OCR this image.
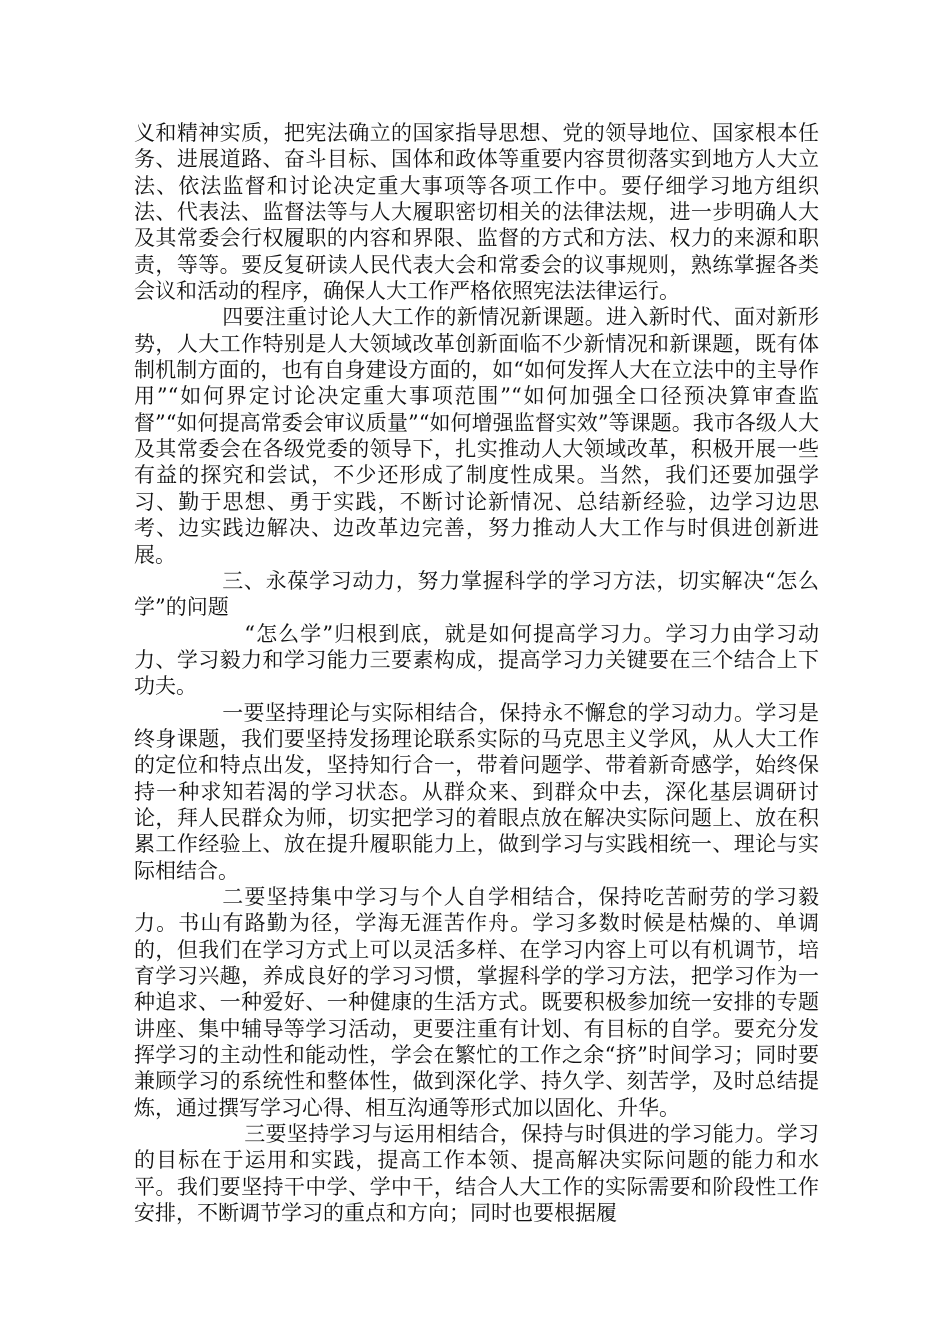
义和精神实质，把宪法确立的国家指导思想、党的领导地位、国家根本任务、进展道路、奋斗目标、国体和政体等重要内容贯彻落实到地方人大立法、依法监督和讨论决定重大事项等各项工作中。要仔细学习地方组织法、代表法、监督法等与人大履职密切相关的法律法规，进一步明确人大及其常委会行权履职的内容和界限、监督的方式和方法、权力的来源和职责，等等。要反复研读人民代表大会和常委会的议事规则，熟练掌握各类会议和活动的程序，确保人大工作严格依照宪法法律运行。

四要注重讨论人大工作的新情况新课题。进入新时代、面对新形势，人大工作特别是人大领域改革创新面临不少新情况和新课题，既有体制机制方面的，也有自身建设方面的，如“如何发挥人大在立法中的主导作用”“如何界定讨论决定重大事项范围”“如何加强全口径预决算审查监督”“如何提高常委会审议质量”“如何增强监督实效”等课题。我市各级人大及其常委会在各级党委的领导下，扎实推动人大领域改革，积极开展一些有益的探究和尝试，不少还形成了制度性成果。当然，我们还要加强学习、勤于思想、勇于实践，不断讨论新情况、总结新经验，边学习边思考、边实践边解决、边改革边完善，努力推动人大工作与时俱进创新进展。

三、永葆学习动力，努力掌握科学的学习方法，切实解决“怎么学”的问题

“怎么学”归根到底，就是如何提高学习力。学习力由学习动力、学习毅力和学习能力三要素构成，提高学习力关键要在三个结合上下功夫。

一要坚持理论与实际相结合，保持永不懈怠的学习动力。学习是终身课题，我们要坚持发扬理论联系实际的马克思主义学风，从人大工作的定位和特点出发，坚持知行合一，带着问题学、带着新奇感学，始终保持一种求知若渴的学习状态。从群众来、到群众中去，深化基层调研讨论，拜人民群众为师，切实把学习的着眼点放在解决实际问题上、放在积累工作经验上、放在提升履职能力上，做到学习与实践相统一、理论与实际相结合。

二要坚持集中学习与个人自学相结合，保持吃苦耐劳的学习毅力。书山有路勤为径，学海无涯苦作舟。学习多数时候是枯燥的、单调的，但我们在学习方式上可以灵活多样、在学习内容上可以有机调节，培育学习兴趣，养成良好的学习习惯，掌握科学的学习方法，把学习作为一种追求、一种爱好、一种健康的生活方式。既要积极参加统一安排的专题讲座、集中辅导等学习活动，更要注重有计划、有目标的自学。要充分发挥学习的主动性和能动性，学会在繁忙的工作之余“挤”时间学习；同时要兼顾学习的系统性和整体性，做到深化学、持久学、刻苦学，及时总结提炼，通过撰写学习心得、相互沟通等形式加以固化、升华。

三要坚持学习与运用相结合，保持与时俱进的学习能力。学习的目标在于运用和实践，提高工作本领、提高解决实际问题的能力和水平。我们要坚持干中学、学中干，结合人大工作的实际需要和阶段性工作安排，不断调节学习的重点和方向；同时也要根据履
